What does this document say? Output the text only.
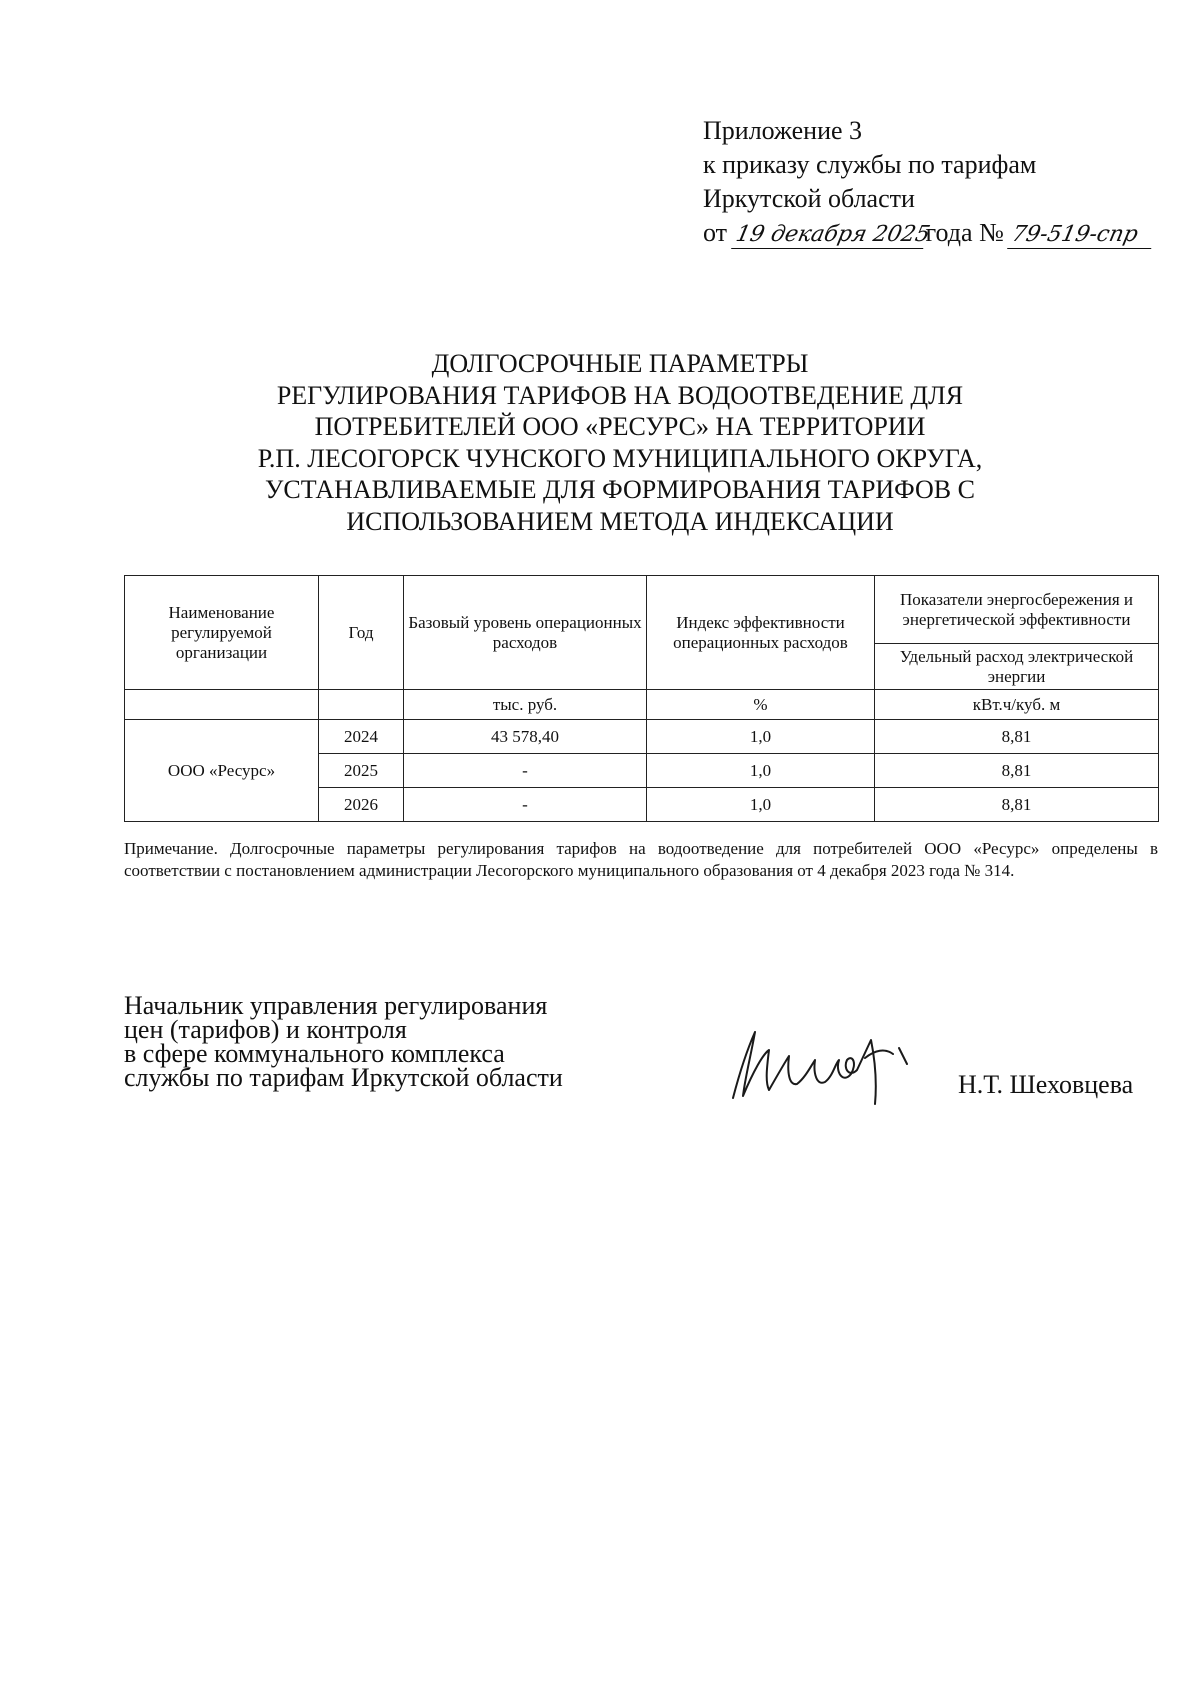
Приложение 3
к приказу службы по тарифам
Иркутской области
от 19 декабря 2025года № 79-519-спр
ДОЛГОСРОЧНЫЕ ПАРАМЕТРЫ
РЕГУЛИРОВАНИЯ ТАРИФОВ НА ВОДООТВЕДЕНИЕ ДЛЯ
ПОТРЕБИТЕЛЕЙ ООО «РЕСУРС» НА ТЕРРИТОРИИ
Р.П. ЛЕСОГОРСК ЧУНСКОГО МУНИЦИПАЛЬНОГО ОКРУГА,
УСТАНАВЛИВАЕМЫЕ ДЛЯ ФОРМИРОВАНИЯ ТАРИФОВ С
ИСПОЛЬЗОВАНИЕМ МЕТОДА ИНДЕКСАЦИИ
Наименование регулируемой организации	Год	Базовый уровень операционных расходов	Индекс эффективности операционных расходов	Показатели энергосбережения и энергетической эффективности
				Удельный расход электрической энергии
		тыс. руб.	%	кВт.ч/куб. м
ООО «Ресурс»	2024	43 578,40	1,0	8,81
	2025	-	1,0	8,81
	2026	-	1,0	8,81
Примечание. Долгосрочные параметры регулирования тарифов на водоотведение для потребителей ООО «Ресурс» определены в соответствии с постановлением администрации Лесогорского муниципального образования от 4 декабря 2023 года № 314.
Начальник управления регулирования
цен (тарифов) и контроля
в сфере коммунального комплекса
службы по тарифам Иркутской области	Н.Т. Шеховцева
